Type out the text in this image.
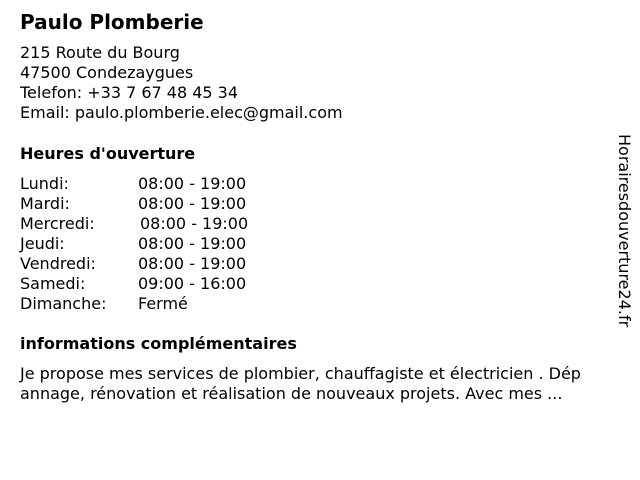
Paulo Plomberie
215 Route du Bourg
47500 Condezaygues
Telefon: +33 7 67 48 45 34
Email: paulo.plomberie.elec@gmail.com
Heures d'ouverture
Lundi:	08:00 - 19:00
Mardi:	08:00 - 19:00
Mercredi:	08:00 - 19:00
Jeudi:	08:00 - 19:00
Vendredi:	08:00 - 19:00
Samedi:	09:00 - 16:00
Dimanche: Fermé
informations complémentaires
Je propose mes services de plombier, chauffagiste et électricien . Dép
annage, rénovation et réalisation de nouveaux projets. Avec mes ...
Horairesdouverture24.fr
